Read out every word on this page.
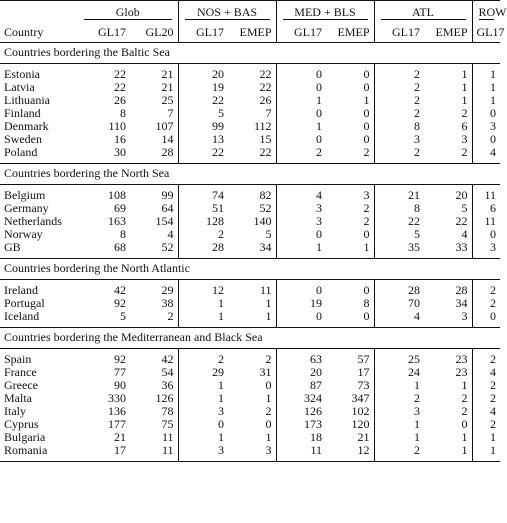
	Glob		NOS + BAS		MED + BLS		ATL		ROW

Country	GL17	GL20	GL17	EMEP	GL17	EMEP	GL17	EMEP	GL17
Countries bordering the Baltic Sea									
Estonia	22	21	20	22	0	0	2	1	1
Latvia	22	21	19	22	0	0	2	1	1
Lithuania	26	25	22	26	1	1	2	1	1
Finland	8	7	5	7	0	0	2	2	0
Denmark	110	107	99	112	1	0	8	6	3
Sweden	16	14	13	15	0	0	3	3	0
Poland	30	28	22	22	2	2	2	2	4
Countries bordering the North Sea									
Belgium	108	99	74	82	4	3	21	20	11
Germany	69	64	51	52	3	2	8	5	6
Netherlands	163	154	128	140	3	2	22	22	11
Norway	8	4	2	5	0	0	5	4	0
GB	68	52	28	34	1	1	35	33	3
Countries bordering the North Atlantic									
Ireland	42	29	12	11	0	0	28	28	2
Portugal	92	38	1	1	19	8	70	34	2
Iceland	5	2	1	1	0	0	4	3	0
Countries bordering the Mediterranean and Black Sea									
Spain	92	42	2	2	63	57	25	23	2
France	77	54	29	31	20	17	24	23	4
Greece	90	36	1	0	87	73	1	1	2
Malta	330	126	1	1	324	347	2	2	2
Italy	136	78	3	2	126	102	3	2	4
Cyprus	177	75	0	0	173	120	1	0	2
Bulgaria	21	11	1	1	18	21	1	1	1
Romania	17	11	3	3	11	12	2	1	1
